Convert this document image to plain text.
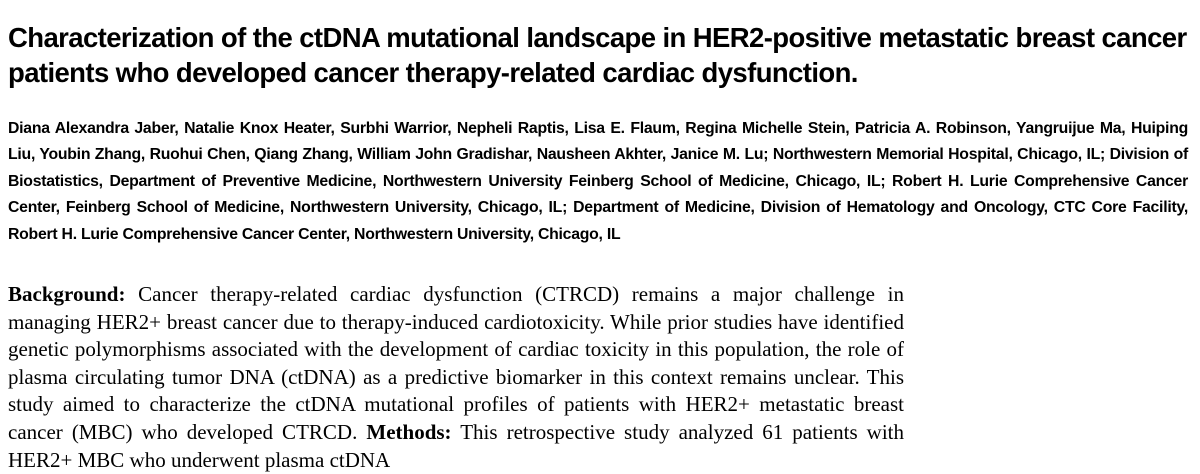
Characterization of the ctDNA mutational landscape in HER2-positive metastatic breast cancer patients who developed cancer therapy-related cardiac dysfunction.

Diana Alexandra Jaber, Natalie Knox Heater, Surbhi Warrior, Nepheli Raptis, Lisa E. Flaum, Regina Michelle Stein, Patricia A. Robinson, Yangruijue Ma, Huiping Liu, Youbin Zhang, Ruohui Chen, Qiang Zhang, William John Gradishar, Nausheen Akhter, Janice M. Lu; Northwestern Memorial Hospital, Chicago, IL; Division of Biostatistics, Department of Preventive Medicine, Northwestern University Feinberg School of Medicine, Chicago, IL; Robert H. Lurie Comprehensive Cancer Center, Feinberg School of Medicine, Northwestern University, Chicago, IL; Department of Medicine, Division of Hematology and Oncology, CTC Core Facility, Robert H. Lurie Comprehensive Cancer Center, Northwestern University, Chicago, IL

Background: Cancer therapy-related cardiac dysfunction (CTRCD) remains a major challenge in managing HER2+ breast cancer due to therapy-induced cardiotoxicity. While prior studies have identified genetic polymorphisms associated with the development of cardiac toxicity in this population, the role of plasma circulating tumor DNA (ctDNA) as a predictive biomarker in this context remains unclear. This study aimed to characterize the ctDNA mutational profiles of patients with HER2+ metastatic breast cancer (MBC) who developed CTRCD. Methods: This retrospective study analyzed 61 patients with HER2+ MBC who underwent plasma ctDNA
